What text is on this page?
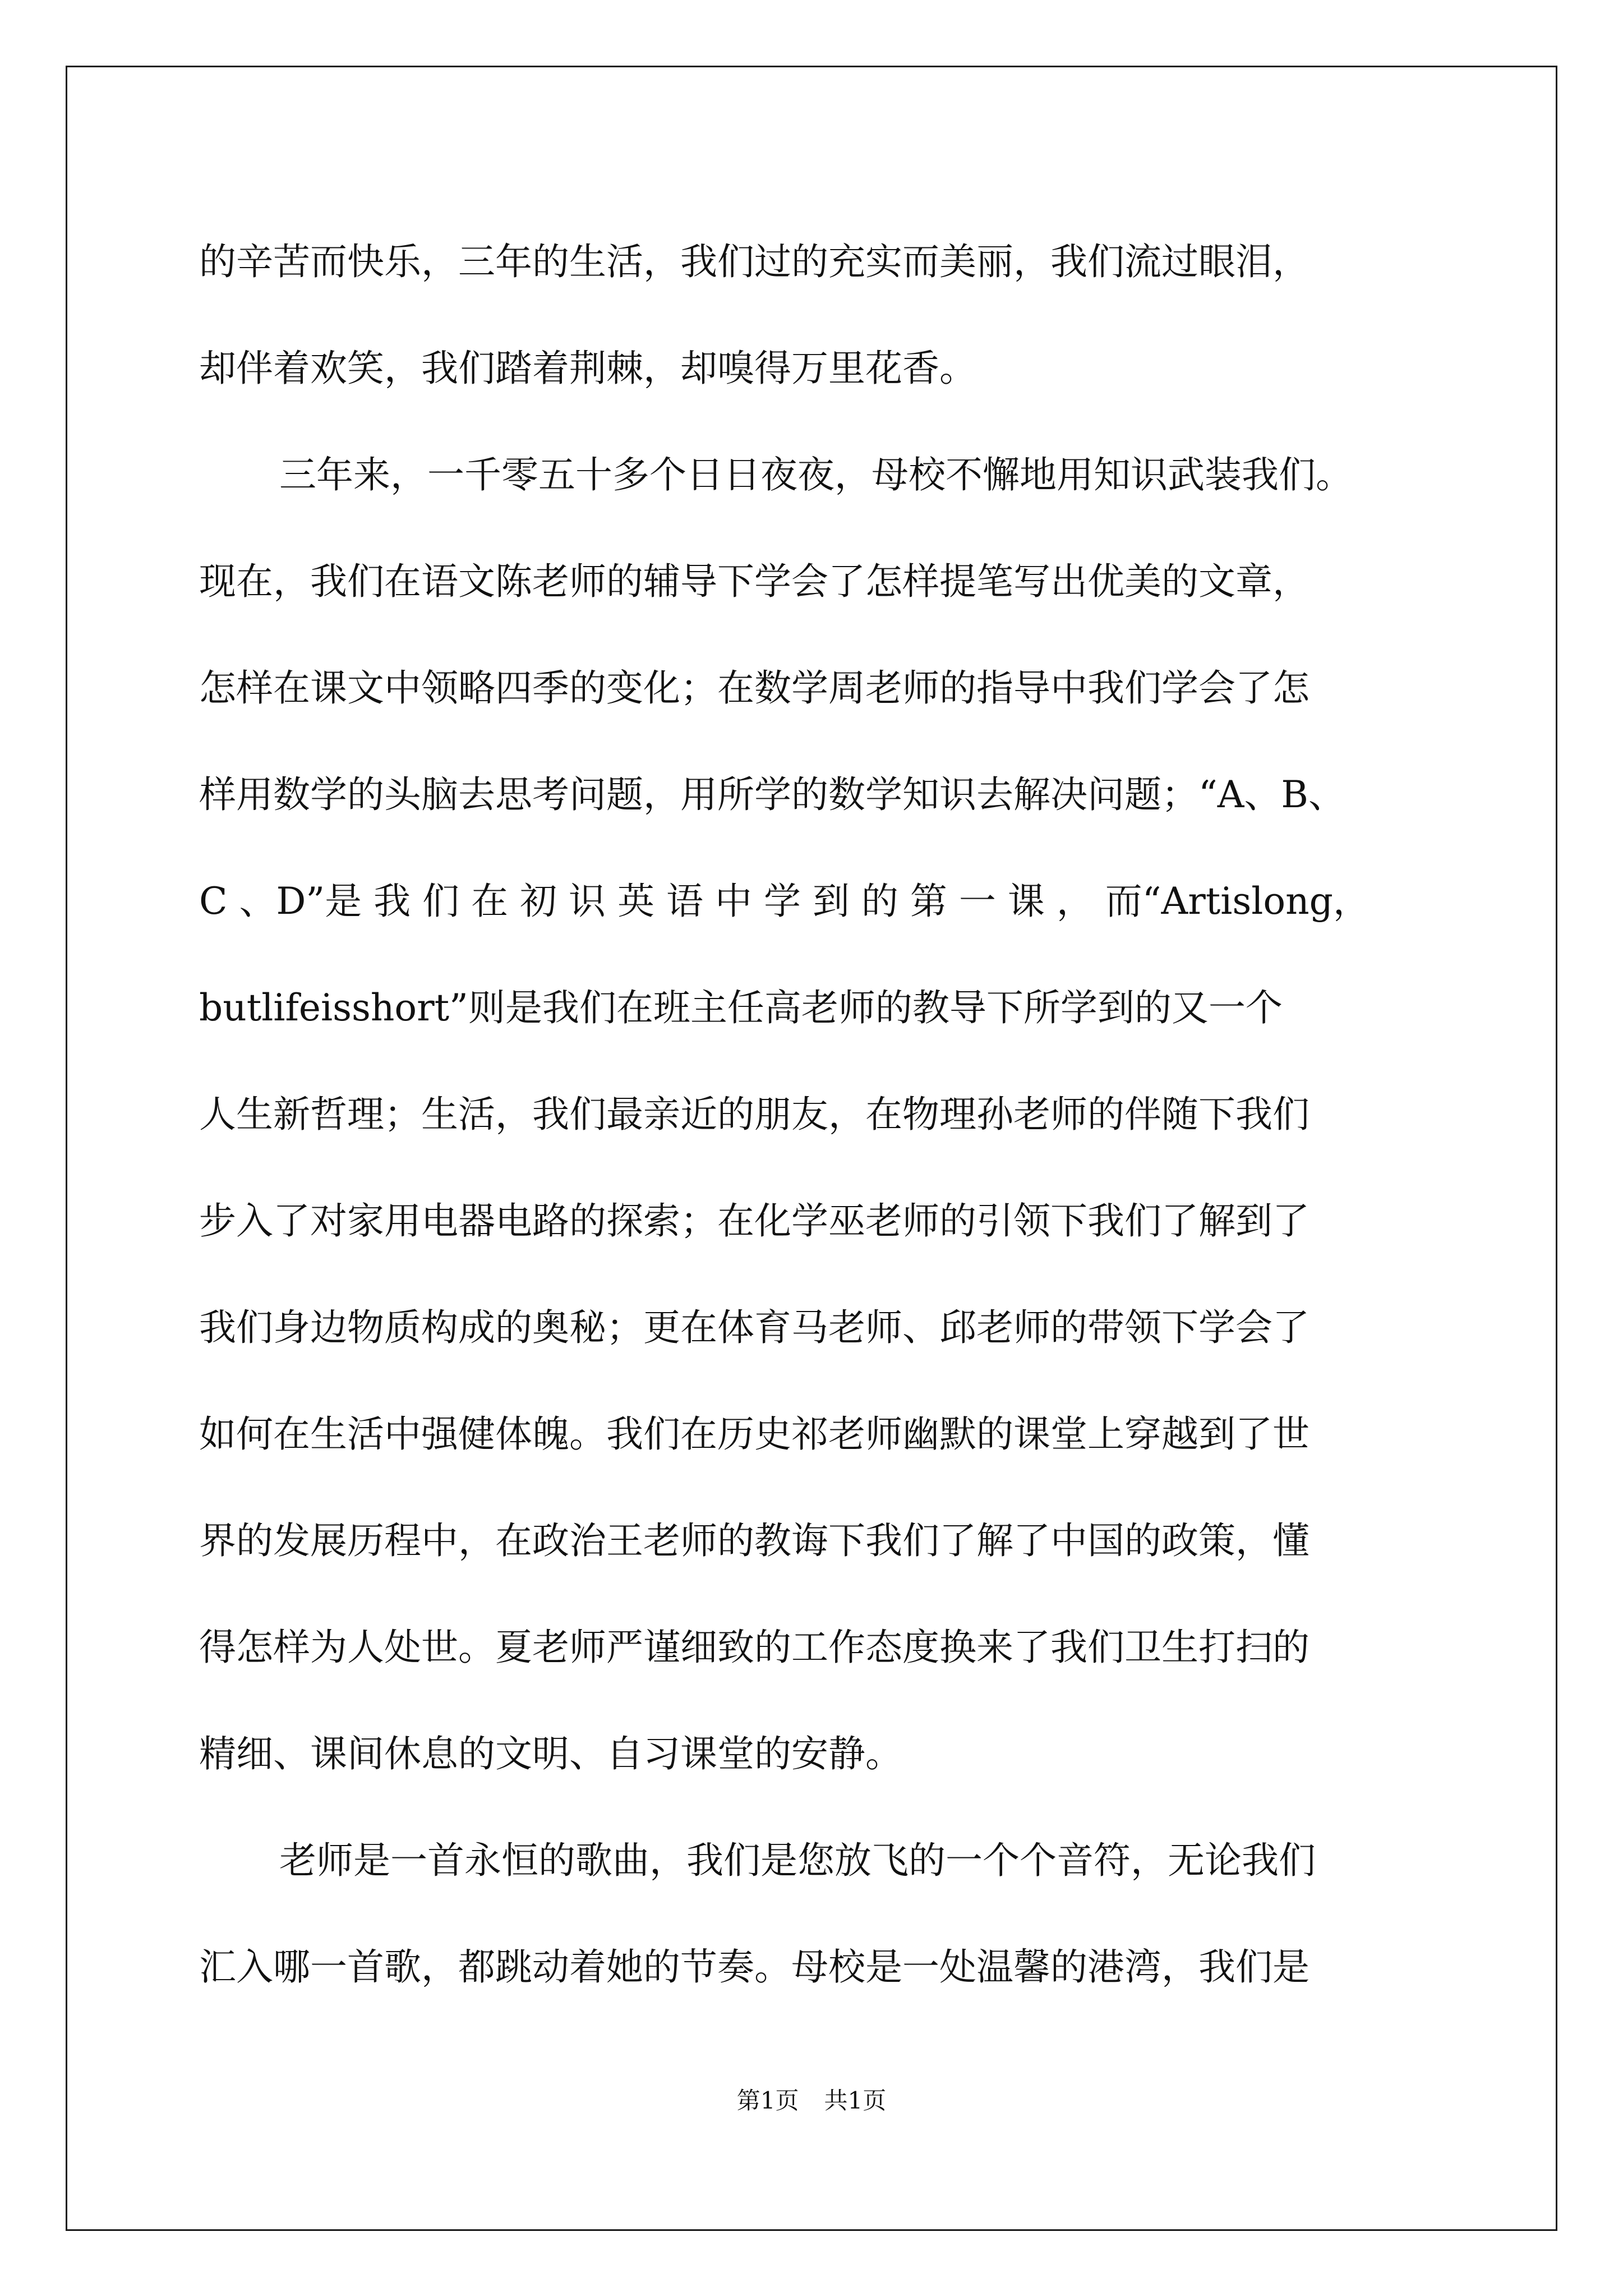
的辛苦而快乐，三年的生活，我们过的充实而美丽，我们流过眼泪，
却伴着欢笑，我们踏着荆棘，却嗅得万里花香。
三年来，一千零五十多个日日夜夜，母校不懈地用知识武装我们。
现在，我们在语文陈老师的辅导下学会了怎样提笔写出优美的文章，
怎样在课文中领略四季的变化；在数学周老师的指导中我们学会了怎
样用数学的头脑去思考问题，用所学的数学知识去解决问题；“A、B、
C 、D”是 我 们 在 初 识 英 语 中 学 到 的 第 一 课 ， 而“Artislong，
butlifeisshort”则是我们在班主任高老师的教导下所学到的又一个
人生新哲理；生活，我们最亲近的朋友，在物理孙老师的伴随下我们
步入了对家用电器电路的探索；在化学巫老师的引领下我们了解到了
我们身边物质构成的奥秘；更在体育马老师、邱老师的带领下学会了
如何在生活中强健体魄。我们在历史祁老师幽默的课堂上穿越到了世
界的发展历程中，在政治王老师的教诲下我们了解了中国的政策，懂
得怎样为人处世。夏老师严谨细致的工作态度换来了我们卫生打扫的
精细、课间休息的文明、自习课堂的安静。
老师是一首永恒的歌曲，我们是您放飞的一个个音符，无论我们
汇入哪一首歌，都跳动着她的节奏。母校是一处温馨的港湾，我们是
第1页 共1页
